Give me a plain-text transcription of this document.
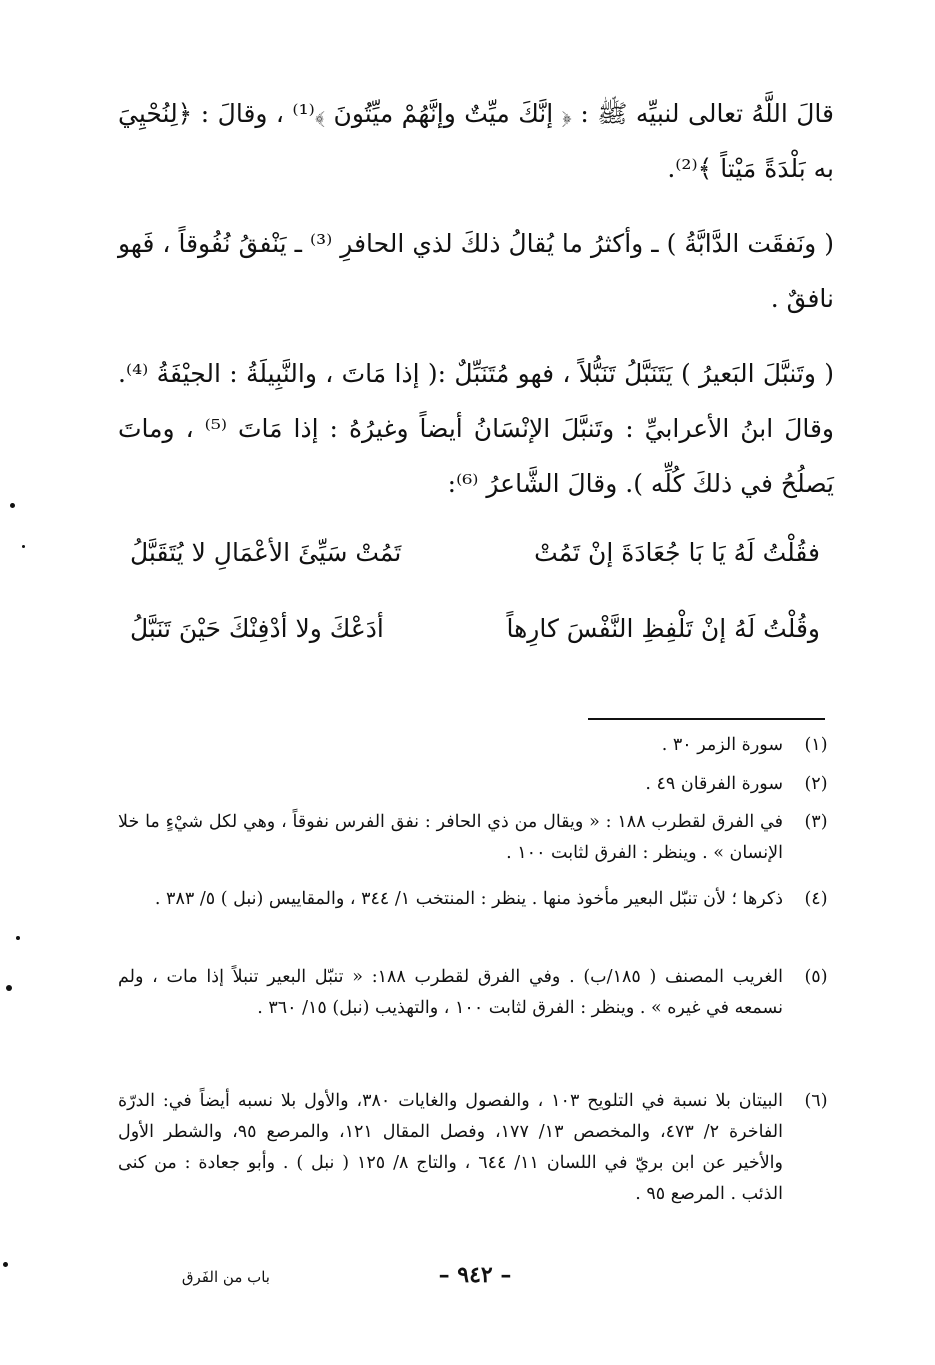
قالَ اللَّهُ تعالى لنبيِّه ﷺ : ﴿ إنَّكَ ميِّتٌ وإنَّهُمْ ميِّتُونَ ﴾⁽¹⁾ ، وقالَ : ﴿لِنُحْيِيَ به بَلْدَةً مَيْتاً ﴾⁽²⁾.

( ونَفقَت الدَّابَّةُ ) ـ وأكثرُ ما يُقالُ ذلكَ لذي الحافرِ ⁽³⁾ ـ يَنْفقُ نُفُوقاً ، فَهو نافقٌ .

( وتَنبَّلَ البَعيرُ ) يَتَنَبَّلُ تَنَبُّلاً ، فهو مُتَنَبِّلٌ :( إذا مَاتَ ، والنَّبِيلَةُ : الجيْفَةُ ⁽⁴⁾. وقالَ ابنُ الأعرابيِّ : وتَنبَّلَ الإنْسَانُ أيضاً وغيرُهُ : إذا مَاتَ ⁽⁵⁾ ، وماتَ يَصلُحُ في ذلكَ كُلِّه ). وقالَ الشَّاعرُ ⁽⁶⁾:

فقُلْتُ لَهُ يَا بَا جُعَادَةَ إنْ تَمُتْ
تَمُتْ سَيِّئَ الأعْمَالِ لا يُتَقَبَّلُ
وقُلْتُ لَهُ إنْ تَلْفِظِ النَّفْسَ كارِهاً
أدَعْكَ ولا أدْفِنْكَ حَيْنَ تَنَبَّلُ
(١)
سورة الزمر ٣٠ .
(٢)
سورة الفرقان ٤٩ .
(٣)
في الفرق لقطرب ١٨٨ : « ويقال من ذي الحافر : نفق الفرس نفوقاً ، وهي لكل شيْءٍ ما خلا الإنسان » . وينظر : الفرق لثابت ١٠٠ .
(٤)
ذكرها ؛ لأن تنبّل البعير مأخوذ منها . ينظر : المنتخب ١/ ٣٤٤ ، والمقاييس (نبل ) ٥/ ٣٨٣ .
(٥)
الغريب المصنف ( ١٨٥/ب) . وفي الفرق لقطرب ١٨٨: « تنبّل البعير تنبلاً إذا مات ، ولم نسمعه في غيره » . وينظر : الفرق لثابت ١٠٠ ، والتهذيب (نبل) ١٥/ ٣٦٠ .
(٦)
البيتان بلا نسبة في التلويح ١٠٣ ، والفصول والغايات ٣٨٠، والأول بلا نسبه أيضاً في: الدرّة الفاخرة ٢/ ٤٧٣، والمخصص ١٣/ ١٧٧، وفصل المقال ١٢١، والمرصع ٩٥، والشطر الأول والأخير عن ابن بريّ في اللسان ١١/ ٦٤٤ ، والتاج ٨/ ١٢٥ ( نبل ) . وأبو جعادة : من كنى الذئب . المرصع ٩٥ .
– ٩٤٢ –
باب من الفَرق
